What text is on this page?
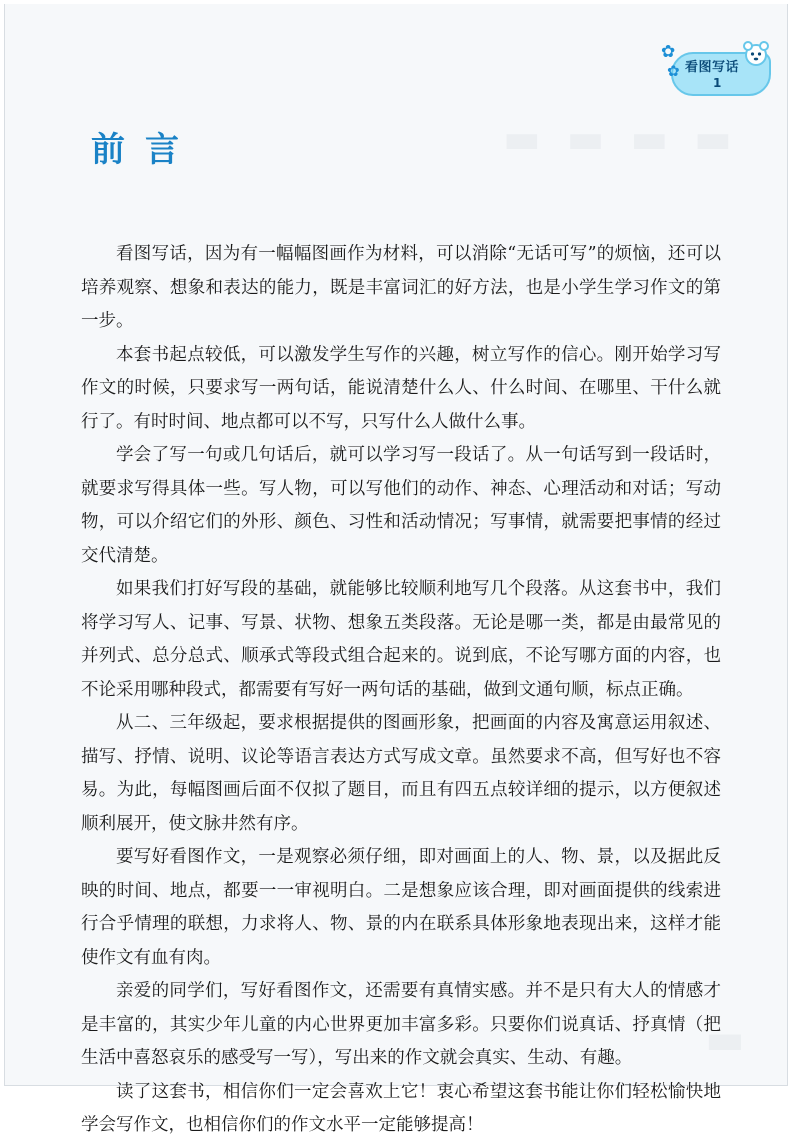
▬ ▬ ▬ ▬
▬
✿
✿ 看图写话
1
前言

看图写话，因为有一幅幅图画作为材料，可以消除“无话可写”的烦恼，还可以培养观察、想象和表达的能力，既是丰富词汇的好方法，也是小学生学习作文的第一步。

本套书起点较低，可以激发学生写作的兴趣，树立写作的信心。刚开始学习写作文的时候，只要求写一两句话，能说清楚什么人、什么时间、在哪里、干什么就行了。有时时间、地点都可以不写，只写什么人做什么事。

学会了写一句或几句话后，就可以学习写一段话了。从一句话写到一段话时，就要求写得具体一些。写人物，可以写他们的动作、神态、心理活动和对话；写动物，可以介绍它们的外形、颜色、习性和活动情况；写事情，就需要把事情的经过交代清楚。

如果我们打好写段的基础，就能够比较顺利地写几个段落。从这套书中，我们将学习写人、记事、写景、状物、想象五类段落。无论是哪一类，都是由最常见的并列式、总分总式、顺承式等段式组合起来的。说到底，不论写哪方面的内容，也不论采用哪种段式，都需要有写好一两句话的基础，做到文通句顺，标点正确。

从二、三年级起，要求根据提供的图画形象，把画面的内容及寓意运用叙述、描写、抒情、说明、议论等语言表达方式写成文章。虽然要求不高，但写好也不容易。为此，每幅图画后面不仅拟了题目，而且有四五点较详细的提示，以方便叙述顺利展开，使文脉井然有序。

要写好看图作文，一是观察必须仔细，即对画面上的人、物、景，以及据此反映的时间、地点，都要一一审视明白。二是想象应该合理，即对画面提供的线索进行合乎情理的联想，力求将人、物、景的内在联系具体形象地表现出来，这样才能使作文有血有肉。

亲爱的同学们，写好看图作文，还需要有真情实感。并不是只有大人的情感才是丰富的，其实少年儿童的内心世界更加丰富多彩。只要你们说真话、抒真情（把生活中喜怒哀乐的感受写一写），写出来的作文就会真实、生动、有趣。

读了这套书，相信你们一定会喜欢上它！衷心希望这套书能让你们轻松愉快地学会写作文，也相信你们的作文水平一定能够提高！
